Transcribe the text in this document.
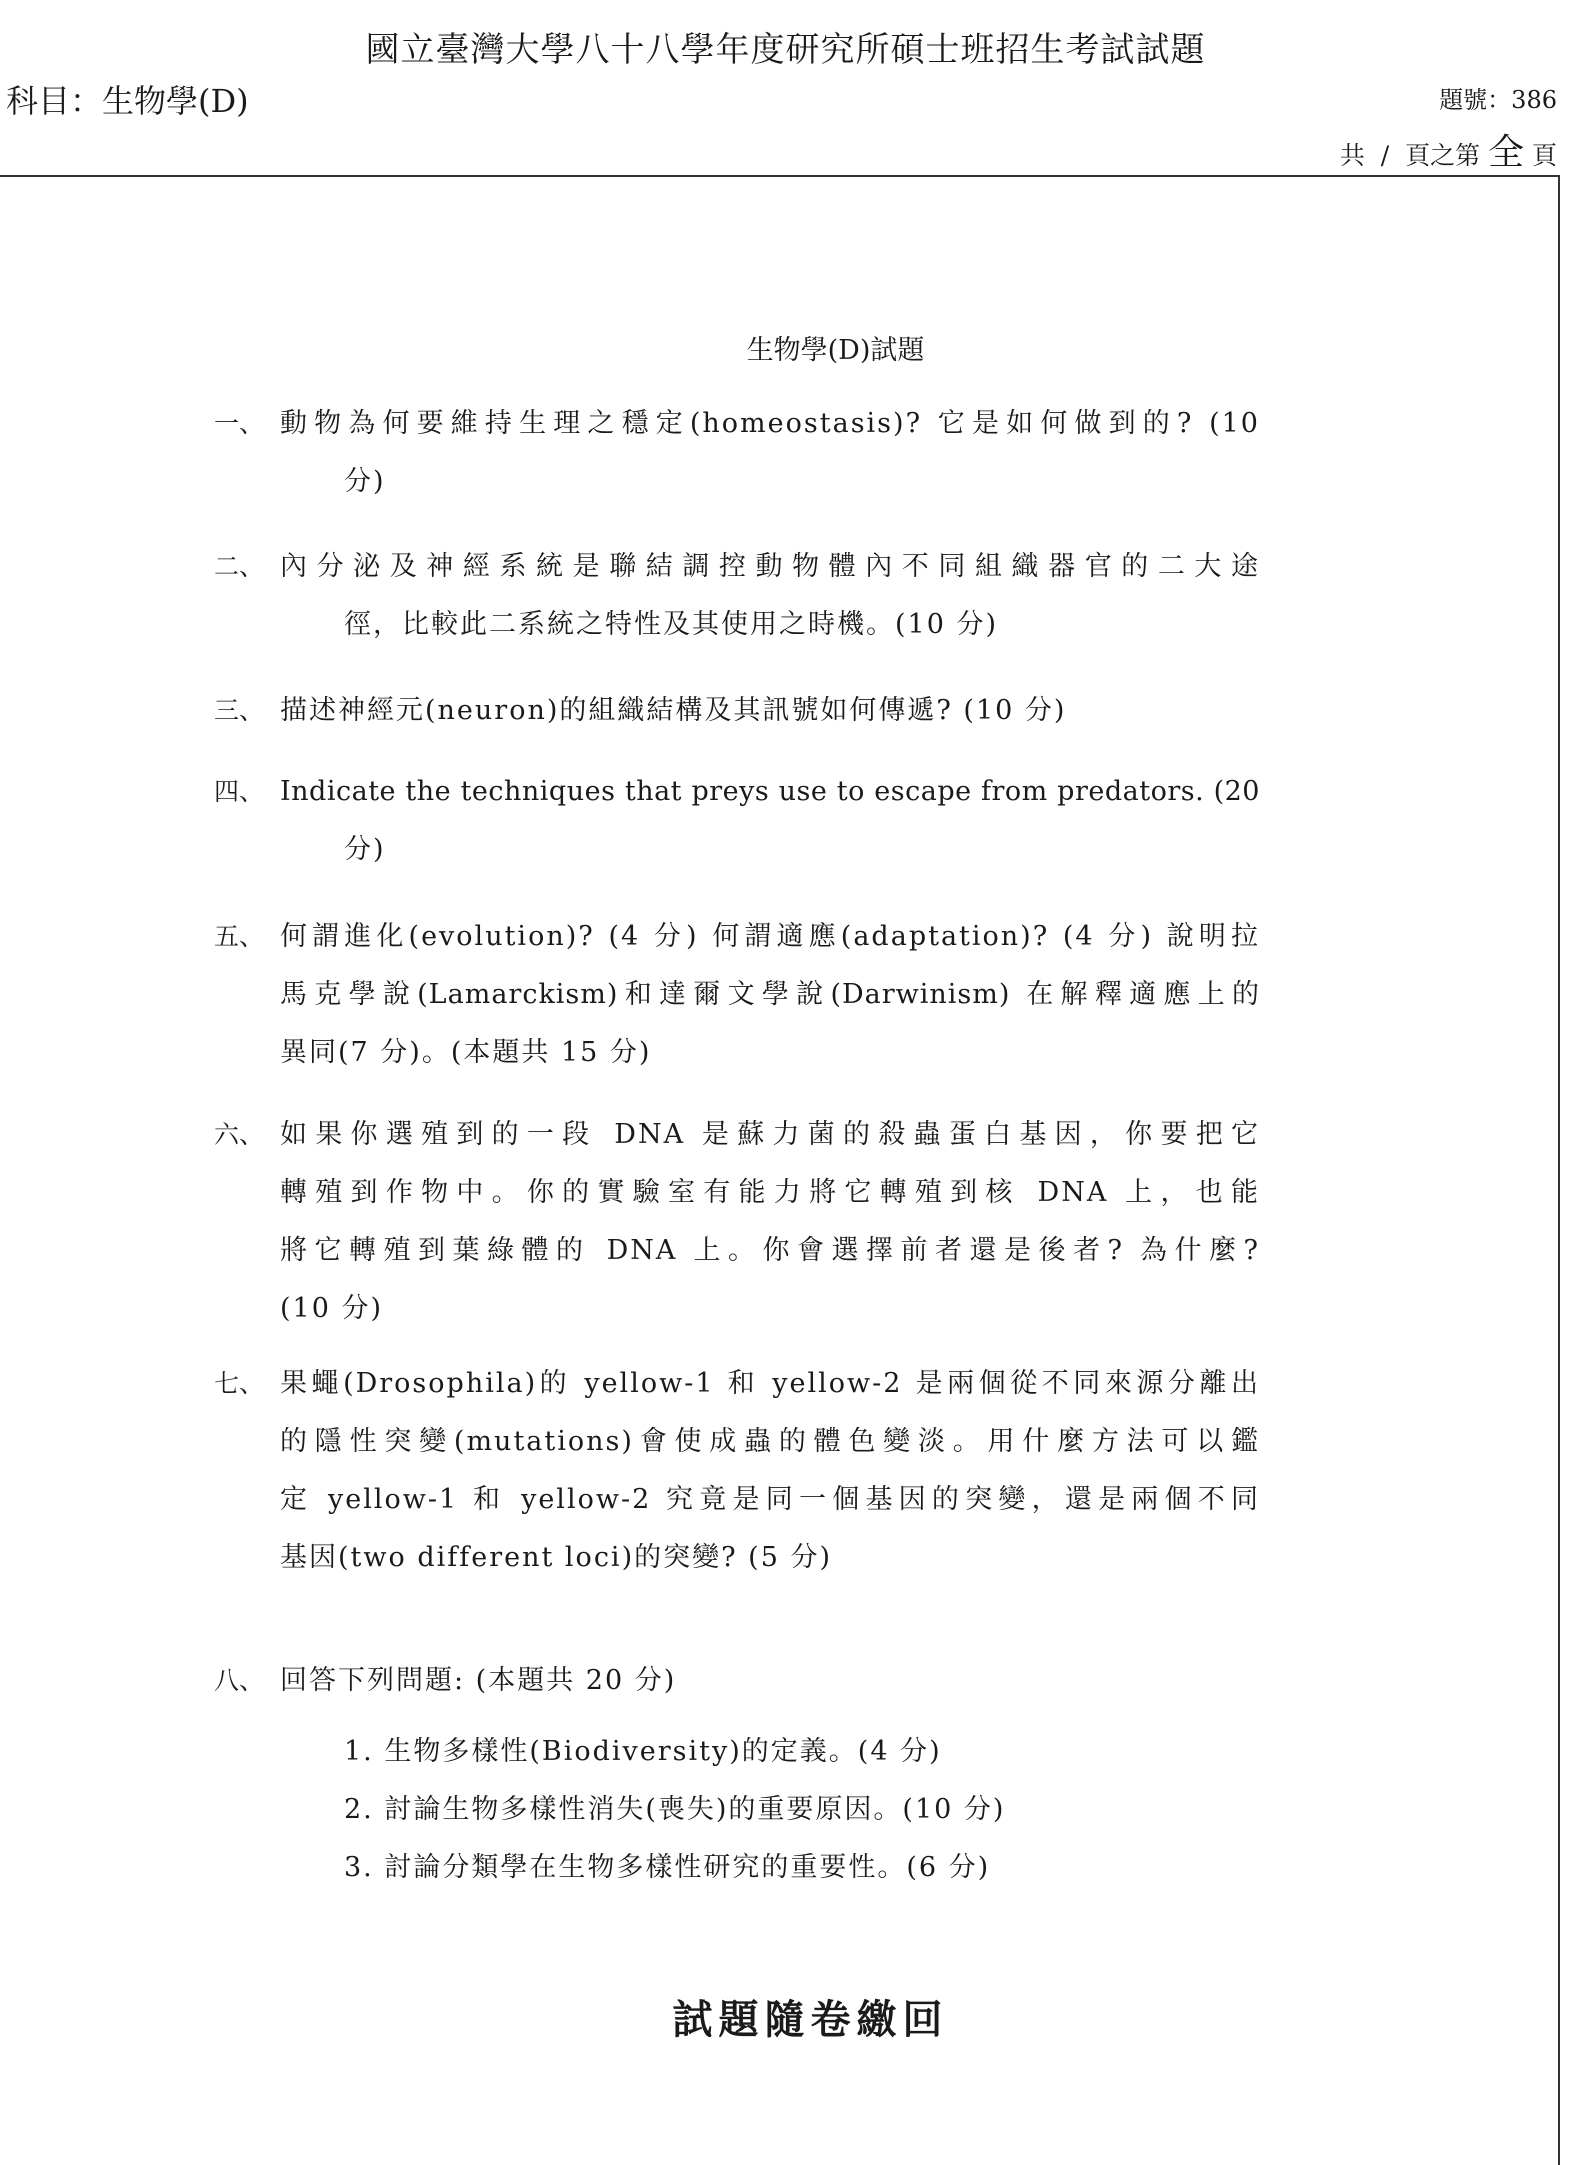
國立臺灣大學八十八學年度研究所碩士班招生考試試題
科目：生物學(D)	題號：386
共  /  頁之第 全 頁
生物學(D)試題
一、 動物為何要維持生理之穩定(homeostasis)? 它是如何做到的? (10
分)
二、 內分泌及神經系統是聯結調控動物體內不同組織器官的二大途
徑，比較此二系統之特性及其使用之時機。(10 分)
三、 描述神經元(neuron)的組織結構及其訊號如何傳遞? (10 分)
四、 Indicate the techniques that preys use to escape from predators. (20
分)
五、 何謂進化(evolution)? (4 分) 何謂適應(adaptation)? (4 分) 說明拉
馬克學說(Lamarckism)和達爾文學說(Darwinism) 在解釋適應上的
異同(7 分)。(本題共 15 分)
六、 如果你選殖到的一段 DNA 是蘇力菌的殺蟲蛋白基因，你要把它
轉殖到作物中。你的實驗室有能力將它轉殖到核 DNA 上，也能
將它轉殖到葉綠體的 DNA 上。你會選擇前者還是後者? 為什麼?
(10 分)
七、 果蠅(Drosophila)的 yellow-1 和 yellow-2 是兩個從不同來源分離出
的隱性突變(mutations)會使成蟲的體色變淡。用什麼方法可以鑑
定 yellow-1 和 yellow-2 究竟是同一個基因的突變，還是兩個不同
基因(two different loci)的突變? (5 分)
八、 回答下列問題: (本題共 20 分)
1. 生物多樣性(Biodiversity)的定義。(4 分)
2. 討論生物多樣性消失(喪失)的重要原因。(10 分)
3. 討論分類學在生物多樣性研究的重要性。(6 分)
試題隨卷繳回
